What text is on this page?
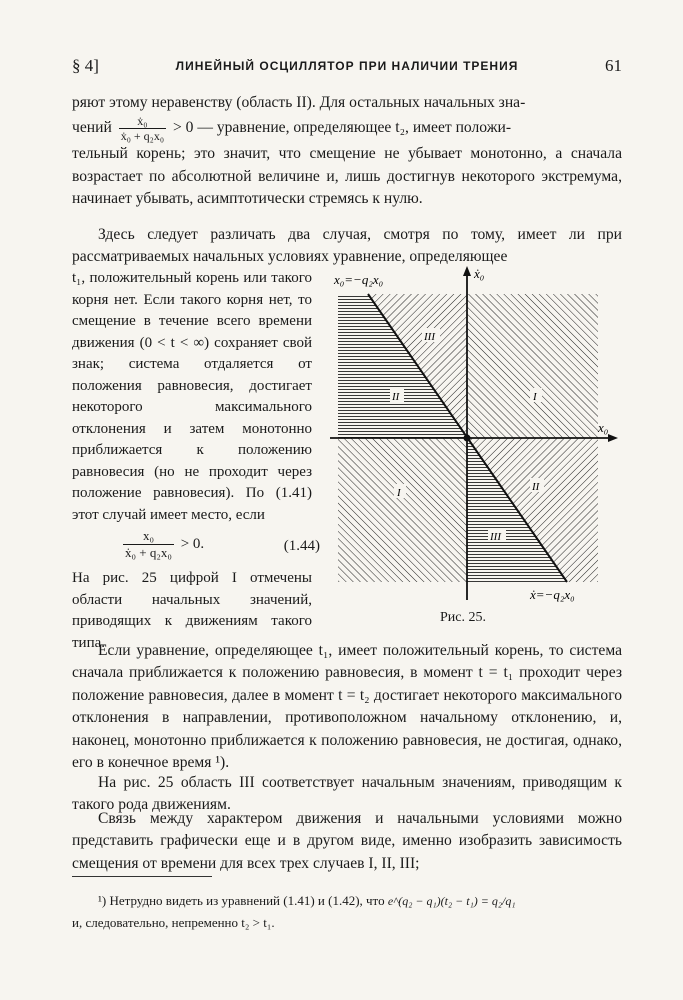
§ 4]	ЛИНЕЙНЫЙ ОСЦИЛЛЯТОР ПРИ НАЛИЧИИ ТРЕНИЯ	61

ряют этому неравенству (область II). Для остальных начальных зна-

чений $\frac{\text{ẋ₀}}{\text{ẋ₀ + q₂x₀}} > 0$ — уравнение, определяющее t₂, имеет положи-

тельный корень; это значит, что смещение не убывает монотонно, а сначала возрастает по абсолютной величине и, лишь достигнув некоторого экстремума, начинает убывать, асимптотически стремясь к нулю.

Здесь следует различать два случая, смотря по тому, имеет ли при рассматриваемых начальных условиях уравнение, определяющее

t₁, положительный корень или такого корня нет. Если такого корня нет, то смещение в течение всего времени движения (0 < t < ∞) сохраняет свой знак; система отдаляется от положения равновесия, достигает некоторого максимального отклонения и затем монотонно приближается к положению равновесия (но не проходит через положение равновесия). По (1.41) этот случай имеет место, если

$\frac{\text{x₀}}{\text{ẋ₀ + q₂x₀}} > 0$.	(1.44)

На рис. 25 цифрой I отмечены области начальных значений, приводящих к движениям такого типа.

x₀=−q₂x₀	ẋ₀
x₀
ẋ=−q₂x₀
III
II	I
I	II
III
Рис. 25.

Если уравнение, определяющее t₁, имеет положительный корень, то система сначала приближается к положению равновесия, в момент t = t₁ проходит через положение равновесия, далее в момент t = t₂ достигает некоторого максимального отклонения в направлении, противоположном начальному отклонению, и, наконец, монотонно приближается к положению равновесия, не достигая, однако, его в конечное время ¹).

На рис. 25 область III соответствует начальным значениям, приводящим к такого рода движениям.

Связь между характером движения и начальными условиями можно представить графически еще и в другом виде, именно изобразить зависимость смещения от времени для всех трех случаев I, II, III;

¹) Нетрудно видеть из уравнений (1.41) и (1.42), что e^(q₂ − q₁)(t₂ − t₁) = q₂/q₁
и, следовательно, непременно t₂ > t₁.
